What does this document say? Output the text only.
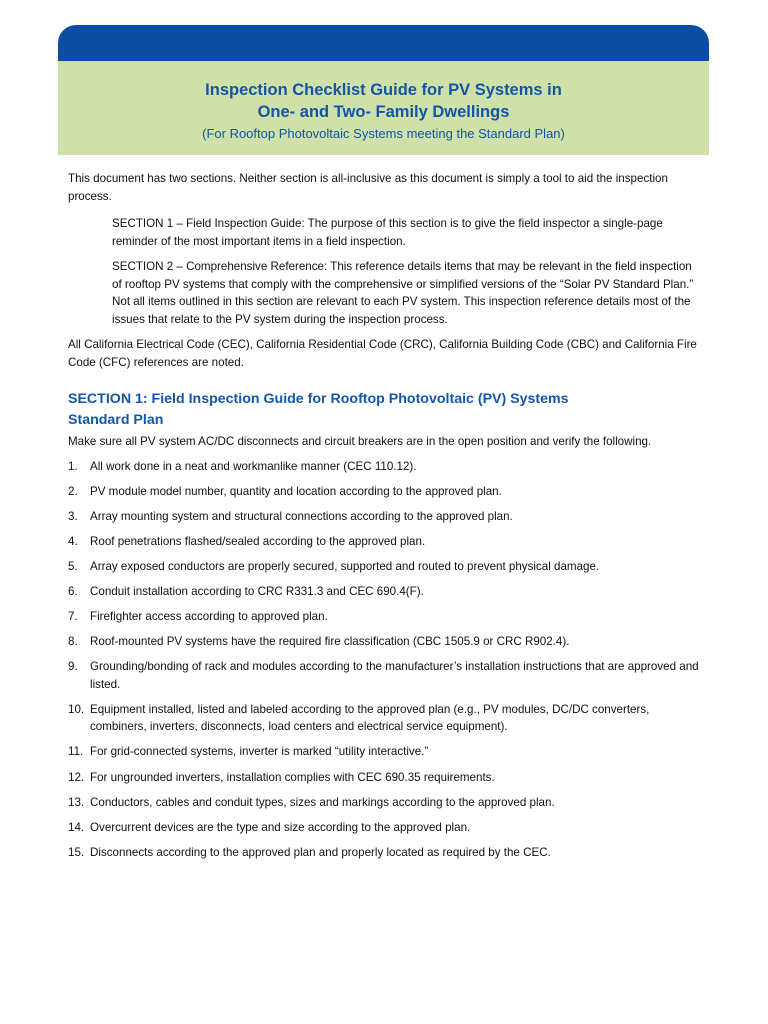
Inspection Checklist Guide for PV Systems in
One- and Two- Family Dwellings

(For Rooftop Photovoltaic Systems meeting the Standard Plan)

This document has two sections. Neither section is all-inclusive as this document is simply a tool to aid the inspection process.

SECTION 1 – Field Inspection Guide: The purpose of this section is to give the field inspector a single-page reminder of the most important items in a field inspection.

SECTION 2 – Comprehensive Reference: This reference details items that may be relevant in the field inspection of rooftop PV systems that comply with the comprehensive or simplified versions of the “Solar PV Standard Plan.” Not all items outlined in this section are relevant to each PV system. This inspection reference details most of the issues that relate to the PV system during the inspection process.

All California Electrical Code (CEC), California Residential Code (CRC), California Building Code (CBC) and California Fire Code (CFC) references are noted.

SECTION 1: Field Inspection Guide for Rooftop Photovoltaic (PV) Systems
Standard Plan

Make sure all PV system AC/DC disconnects and circuit breakers are in the open position and verify the following.

1.	All work done in a neat and workmanlike manner (CEC 110.12).
2.	PV module model number, quantity and location according to the approved plan.
3.	Array mounting system and structural connections according to the approved plan.
4.	Roof penetrations flashed/sealed according to the approved plan.
5.	Array exposed conductors are properly secured, supported and routed to prevent physical damage.
6.	Conduit installation according to CRC R331.3 and CEC 690.4(F).
7.	Firefighter access according to approved plan.
8.	Roof-mounted PV systems have the required fire classification (CBC 1505.9 or CRC R902.4).
9.	Grounding/bonding of rack and modules according to the manufacturer’s installation instructions that are approved and listed.
10. Equipment installed, listed and labeled according to the approved plan (e.g., PV modules, DC/DC converters, combiners, inverters, disconnects, load centers and electrical service equipment).
11. For grid-connected systems, inverter is marked “utility interactive.”
12. For ungrounded inverters, installation complies with CEC 690.35 requirements.
13. Conductors, cables and conduit types, sizes and markings according to the approved plan.
14. Overcurrent devices are the type and size according to the approved plan.
15. Disconnects according to the approved plan and properly located as required by the CEC.
